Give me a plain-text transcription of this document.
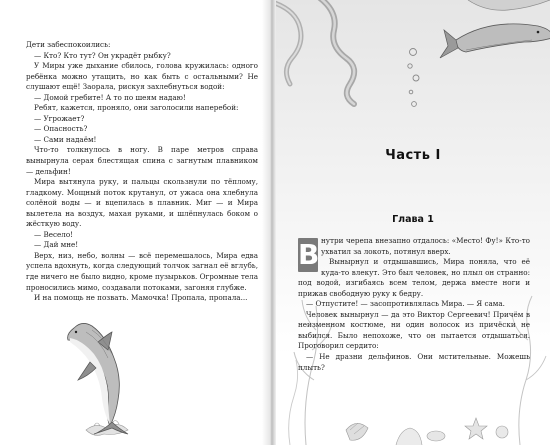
Дети забеспокоились:

— Кто? Кто тут? Он украдёт рыбку?

У Миры уже дыхание сбилось, голова кружилась: одного ребёнка можно утащить, но как быть с остальными? Не слушают ещё! Заорала, рискуя захлебнуться водой:

— Домой гребите! А то по шеям надаю!

Ребят, кажется, проняло, они заголосили наперебой:

— Угрожает?

— Опасность?

— Сами надаём!

Что-то толкнулось в ногу. В паре метров справа вынырнула серая блестящая спина с загнутым плавником — дельфин!

Мира вытянула руку, и пальцы скользнули по тёплому, гладкому. Мощный поток крутанул, от ужаса она хлебнула солёной воды — и вцепилась в плавник. Миг — и Мира вылетела на воздух, махая руками, и шлёпнулась боком о жёсткую воду.

— Весело!

— Дай мне!

Верх, низ, небо, волны — всё перемешалось, Мира едва успела вдохнуть, когда следующий толчок загнал её вглубь, где ничего не было видно, кроме пузырьков. Огромные тела проносились мимо, создавали потоками, загоняя глубже.

И на помощь не позвать. Мамочка! Пропала, пропала...

Часть I
Глава 1

В нутри черепа внезапно отдалось: «Место! Фу!» Кто-то ухватил за локоть, потянул вверх.

Вынырнул и отдышавшись, Мира поняла, что её куда-то влекут. Это был человек, но плыл он странно: под водой, изгибаясь всем телом, держа вместе ноги и прижав свободную руку к бедру.

— Отпустите! — засопротивлялась Мира. — Я сама.

Человек вынырнул — да это Виктор Сергеевич! Причём в неизменном костюме, ни один волосок из причёски не выбился. Было непохоже, что он пытается отдышаться. Проговорил сердито:

— Не дразни дельфинов. Они мстительные. Можешь плыть?
